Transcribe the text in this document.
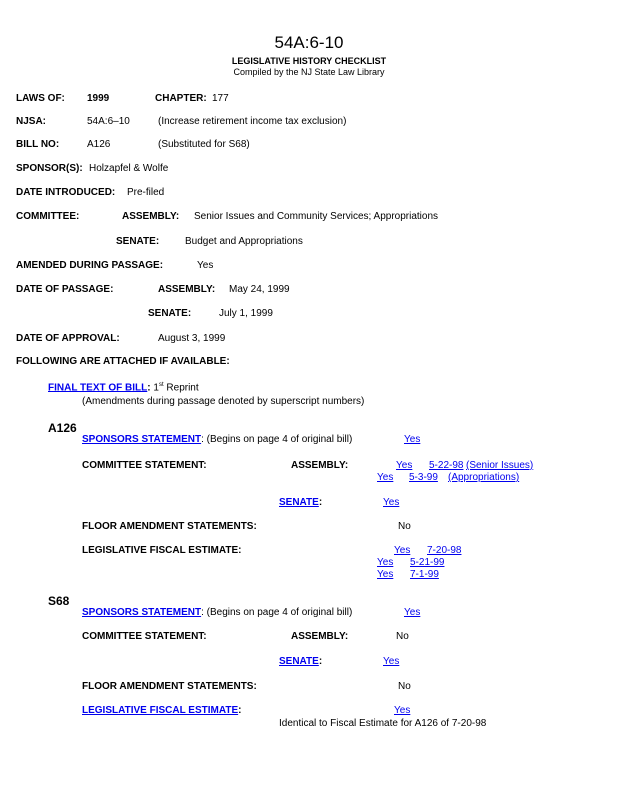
54A:6-10
LEGISLATIVE HISTORY CHECKLIST
Compiled by the NJ State Law Library
LAWS OF: 1999	CHAPTER: 177
NJSA:	54A:6–10	(Increase retirement income tax exclusion)
BILL NO:	A126	(Substituted for S68)
SPONSOR(S): Holzapfel & Wolfe
DATE INTRODUCED: Pre-filed
COMMITTEE:	ASSEMBLY: Senior Issues and Community Services; Appropriations
SENATE:	Budget and Appropriations
AMENDED DURING PASSAGE:	Yes
DATE OF PASSAGE:	ASSEMBLY: May 24, 1999
SENATE:	July 1, 1999
DATE OF APPROVAL:	August 3, 1999
FOLLOWING ARE ATTACHED IF AVAILABLE:
FINAL TEXT OF BILL: 1st Reprint
(Amendments during passage denoted by superscript numbers)
A126
SPONSORS STATEMENT: (Begins on page 4 of original bill)	Yes
COMMITTEE STATEMENT:	ASSEMBLY:	Yes 5-22-98 (Senior Issues)
Yes 5-3-99 (Appropriations)
SENATE:	Yes
FLOOR AMENDMENT STATEMENTS:	No
LEGISLATIVE FISCAL ESTIMATE:	Yes 7-20-98
Yes 5-21-99
Yes 7-1-99
S68
SPONSORS STATEMENT: (Begins on page 4 of original bill)	Yes
COMMITTEE STATEMENT:	ASSEMBLY:	No
SENATE:	Yes
FLOOR AMENDMENT STATEMENTS:	No
LEGISLATIVE FISCAL ESTIMATE:	Yes
Identical to Fiscal Estimate for A126 of 7-20-98
